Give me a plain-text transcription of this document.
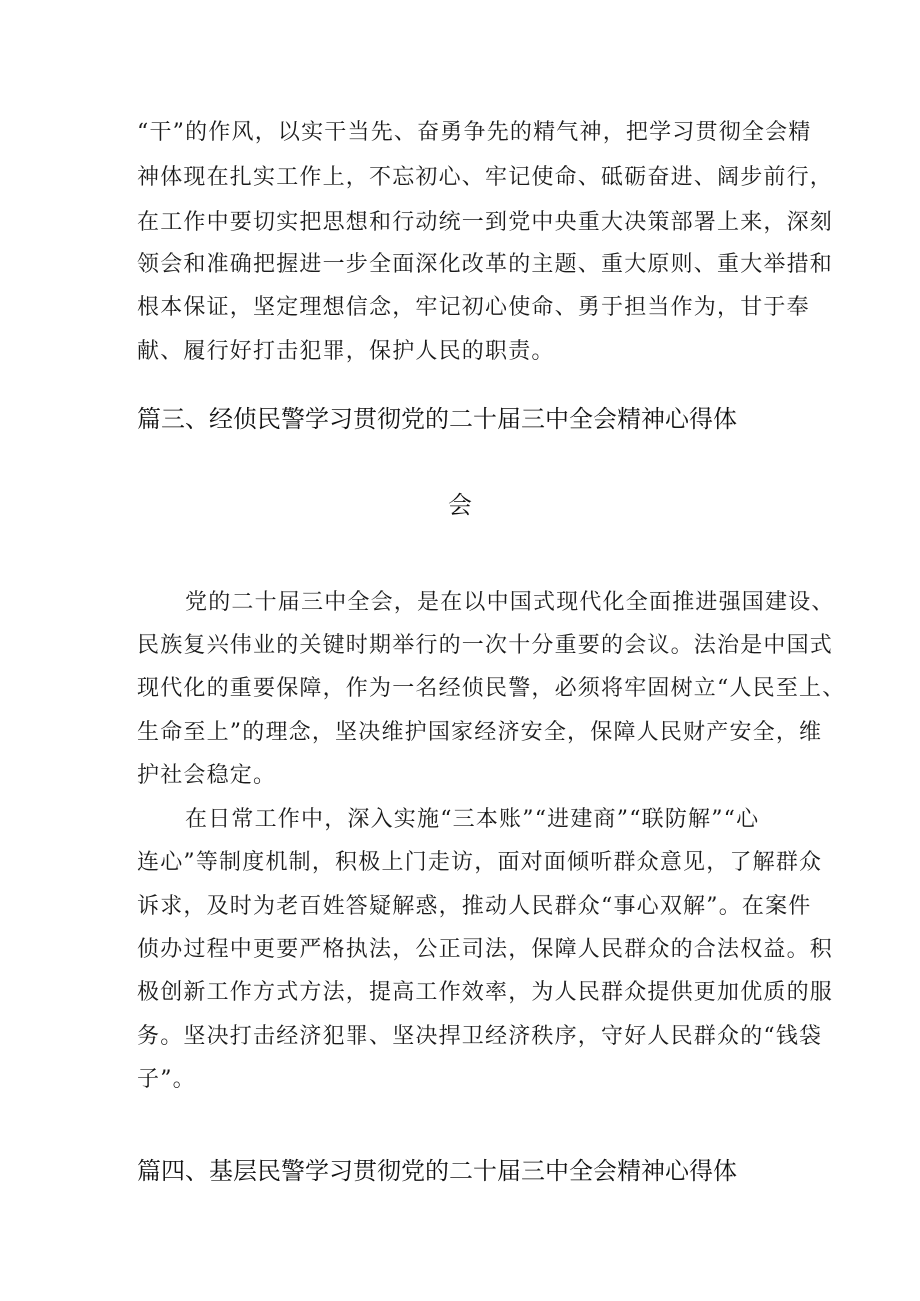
“干”的作风，以实干当先、奋勇争先的精气神，把学习贯彻全会精
神体现在扎实工作上，不忘初心、牢记使命、砥砺奋进、阔步前行，
在工作中要切实把思想和行动统一到党中央重大决策部署上来，深刻
领会和准确把握进一步全面深化改革的主题、重大原则、重大举措和
根本保证，坚定理想信念，牢记初心使命、勇于担当作为，甘于奉
献、履行好打击犯罪，保护人民的职责。
篇三、经侦民警学习贯彻党的二十届三中全会精神心得体
会
党的二十届三中全会，是在以中国式现代化全面推进强国建设、
民族复兴伟业的关键时期举行的一次十分重要的会议。法治是中国式
现代化的重要保障，作为一名经侦民警，必须将牢固树立“人民至上、
生命至上”的理念，坚决维护国家经济安全，保障人民财产安全，维
护社会稳定。
在日常工作中，深入实施“三本账”“进建商”“联防解”“心
连心”等制度机制，积极上门走访，面对面倾听群众意见，了解群众
诉求，及时为老百姓答疑解惑，推动人民群众“事心双解”。在案件
侦办过程中更要严格执法，公正司法，保障人民群众的合法权益。积
极创新工作方式方法，提高工作效率，为人民群众提供更加优质的服
务。坚决打击经济犯罪、坚决捍卫经济秩序，守好人民群众的“钱袋
子”。
篇四、基层民警学习贯彻党的二十届三中全会精神心得体
